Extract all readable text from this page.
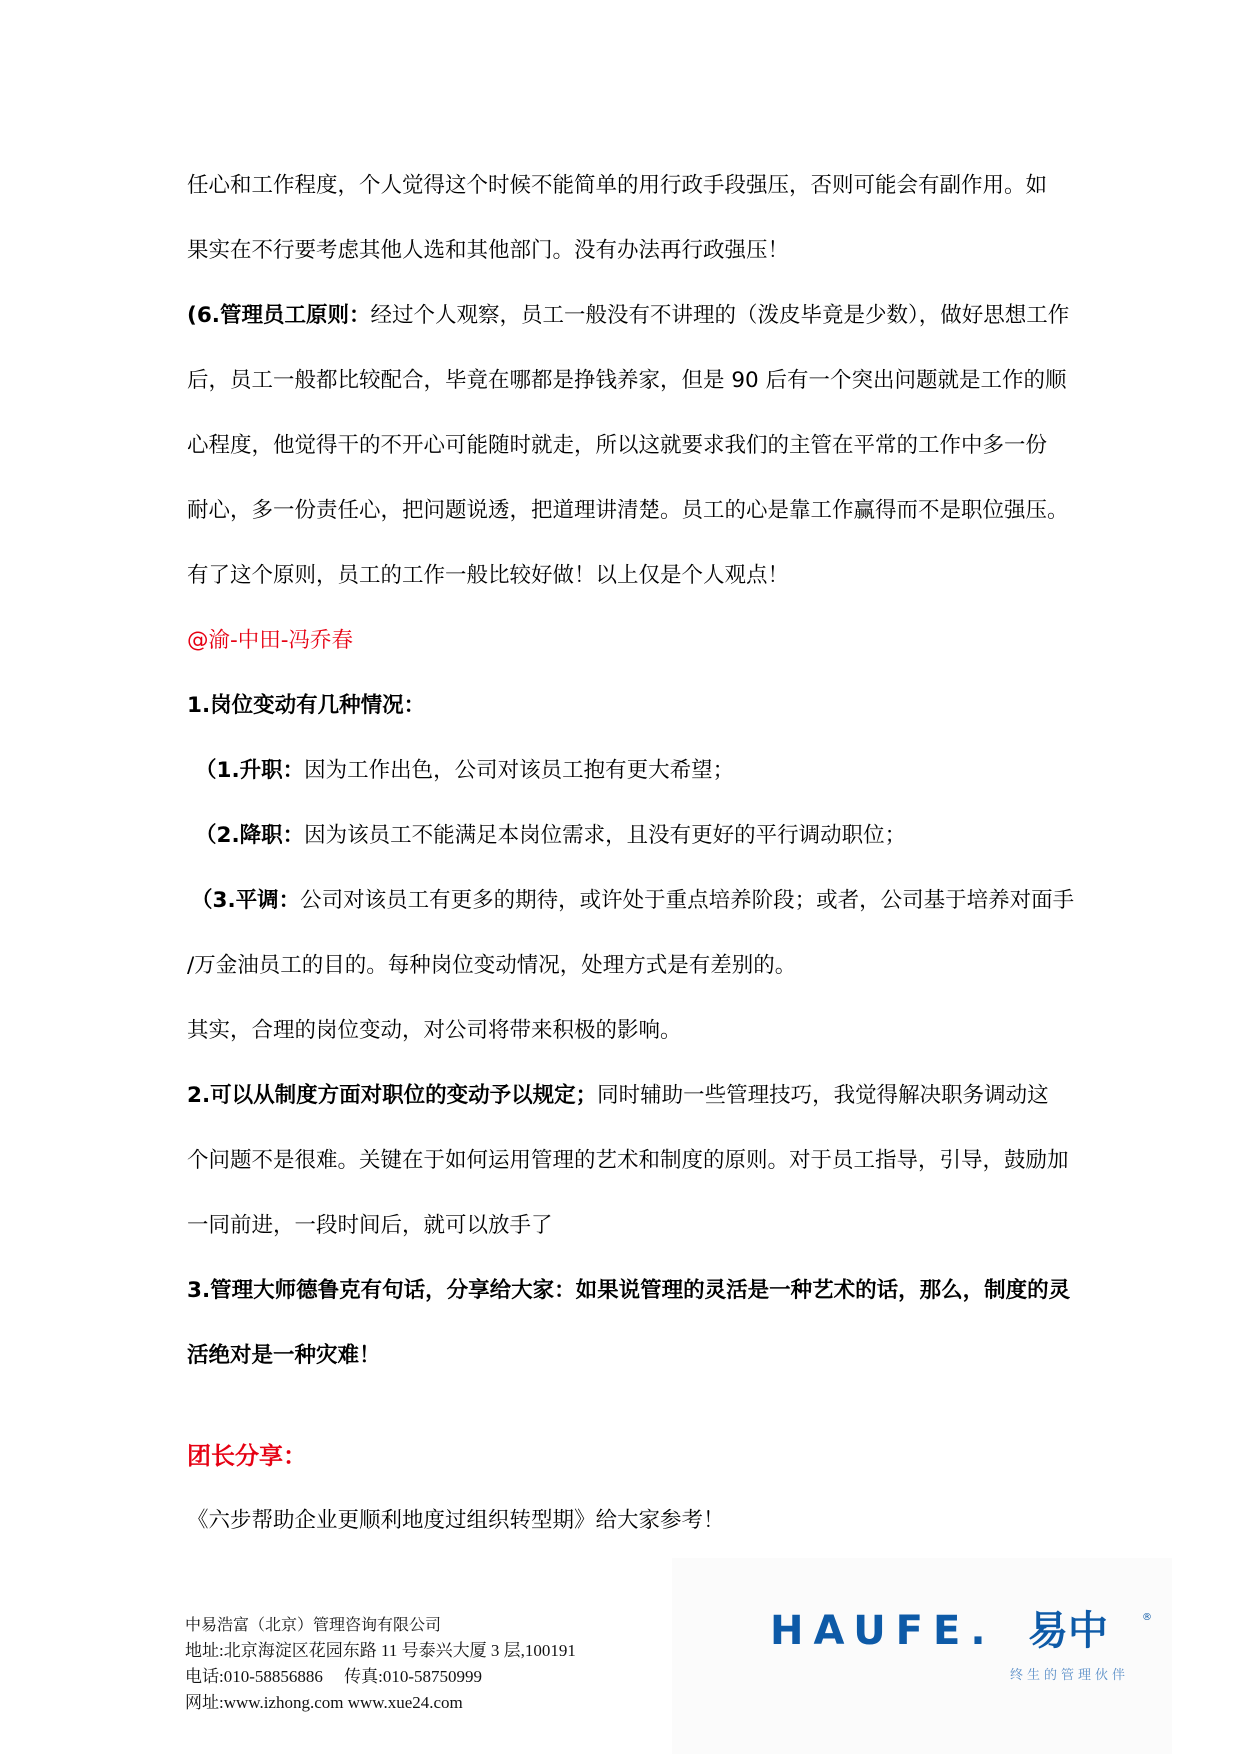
任心和工作程度，个人觉得这个时候不能简单的用行政手段强压，否则可能会有副作用。如
果实在不行要考虑其他人选和其他部门。没有办法再行政强压！
(6.管理员工原则：经过个人观察，员工一般没有不讲理的（泼皮毕竟是少数），做好思想工作
后，员工一般都比较配合，毕竟在哪都是挣钱养家，但是 90 后有一个突出问题就是工作的顺
心程度，他觉得干的不开心可能随时就走，所以这就要求我们的主管在平常的工作中多一份
耐心，多一份责任心，把问题说透，把道理讲清楚。员工的心是靠工作赢得而不是职位强压。
有了这个原则，员工的工作一般比较好做！以上仅是个人观点！
@渝-中田-冯乔春
1.岗位变动有几种情况：
（1.升职：因为工作出色，公司对该员工抱有更大希望；
（2.降职：因为该员工不能满足本岗位需求，且没有更好的平行调动职位；
（3.平调：公司对该员工有更多的期待，或许处于重点培养阶段；或者，公司基于培养对面手
/万金油员工的目的。每种岗位变动情况，处理方式是有差别的。
其实，合理的岗位变动，对公司将带来积极的影响。
2.可以从制度方面对职位的变动予以规定；同时辅助一些管理技巧，我觉得解决职务调动这
个问题不是很难。关键在于如何运用管理的艺术和制度的原则。对于员工指导，引导，鼓励加
一同前进，一段时间后，就可以放手了
3.管理大师德鲁克有句话，分享给大家：如果说管理的灵活是一种艺术的话，那么，制度的灵
活绝对是一种灾难！
团长分享：
《六步帮助企业更顺利地度过组织转型期》给大家参考！
中易浩富（北京）管理咨询有限公司
地址:北京海淀区花园东路 11 号泰兴大厦 3 层,100191
电话:010-58856886　 传真:010-58750999
网址:www.izhong.com www.xue24.com
HAUFE. 易中	®
终生的管理伙伴
